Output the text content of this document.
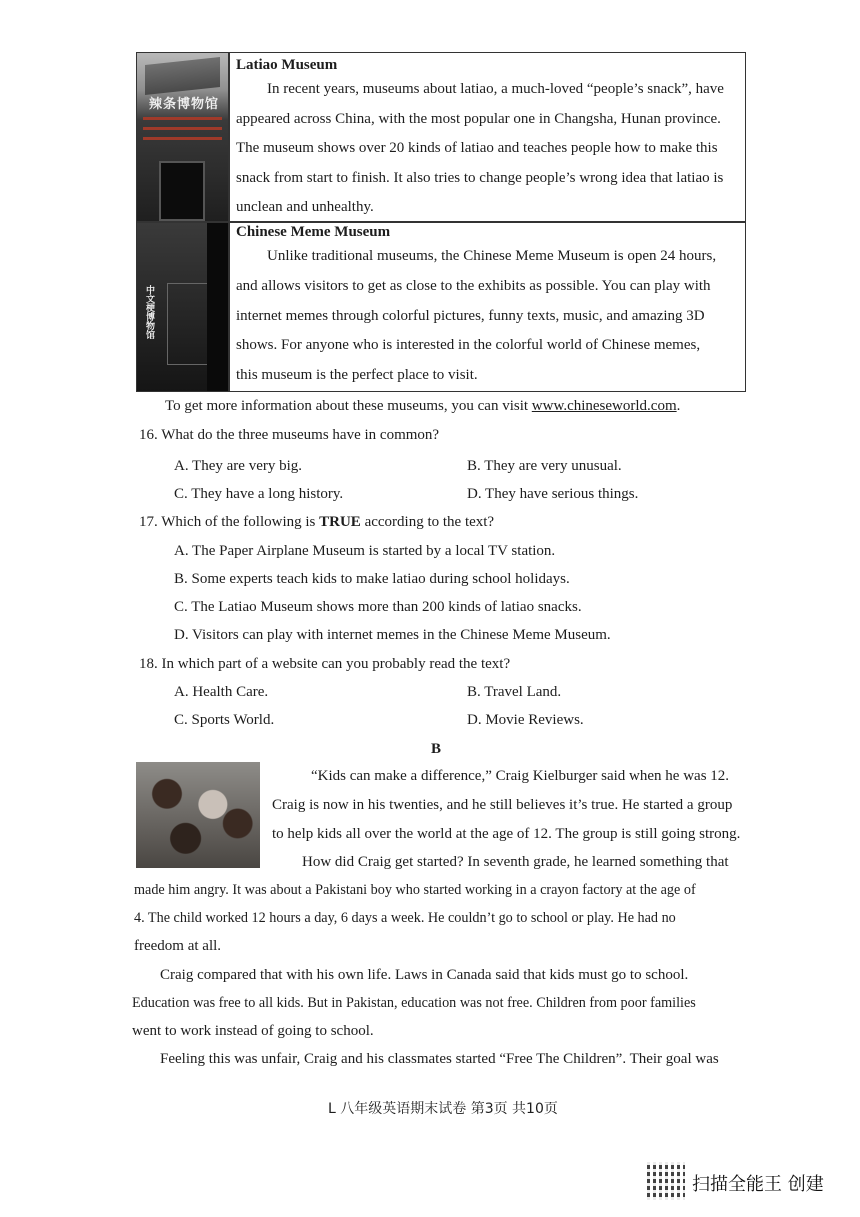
辣条博物馆
中文梗博物馆
Latiao Museum
In recent years, museums about latiao, a much-loved “people’s snack”, have
appeared across China, with the most popular one in Changsha, Hunan province.
The museum shows over 20 kinds of latiao and teaches people how to make this
snack from start to finish. It also tries to change people’s wrong idea that latiao is
unclean and unhealthy.
Chinese Meme Museum
Unlike traditional museums, the Chinese Meme Museum is open 24 hours,
and allows visitors to get as close to the exhibits as possible. You can play with
internet memes through colorful pictures, funny texts, music, and amazing 3D
shows. For anyone who is interested in the colorful world of Chinese memes,
this museum is the perfect place to visit.
To get more information about these museums, you can visit www.chineseworld.com.
16. What do the three museums have in common?
A. They are very big.	B. They are very unusual.
C. They have a long history.	D. They have serious things.
17. Which of the following is TRUE according to the text?
A. The Paper Airplane Museum is started by a local TV station.
B. Some experts teach kids to make latiao during school holidays.
C. The Latiao Museum shows more than 200 kinds of latiao snacks.
D. Visitors can play with internet memes in the Chinese Meme Museum.
18. In which part of a website can you probably read the text?
A. Health Care.	B. Travel Land.
C. Sports World.	D. Movie Reviews.
B
“Kids can make a difference,” Craig Kielburger said when he was 12.
Craig is now in his twenties, and he still believes it’s true. He started a group
to help kids all over the world at the age of 12. The group is still going strong.
How did Craig get started? In seventh grade, he learned something that
made him angry. It was about a Pakistani boy who started working in a crayon factory at the age of
4. The child worked 12 hours a day, 6 days a week. He couldn’t go to school or play. He had no
freedom at all.
Craig compared that with his own life. Laws in Canada said that kids must go to school.
Education was free to all kids. But in Pakistan, education was not free. Children from poor families
went to work instead of going to school.
Feeling this was unfair, Craig and his classmates started “Free The Children”. Their goal was
L 八年级英语期末试卷 第3页 共10页
扫描全能王 创建
